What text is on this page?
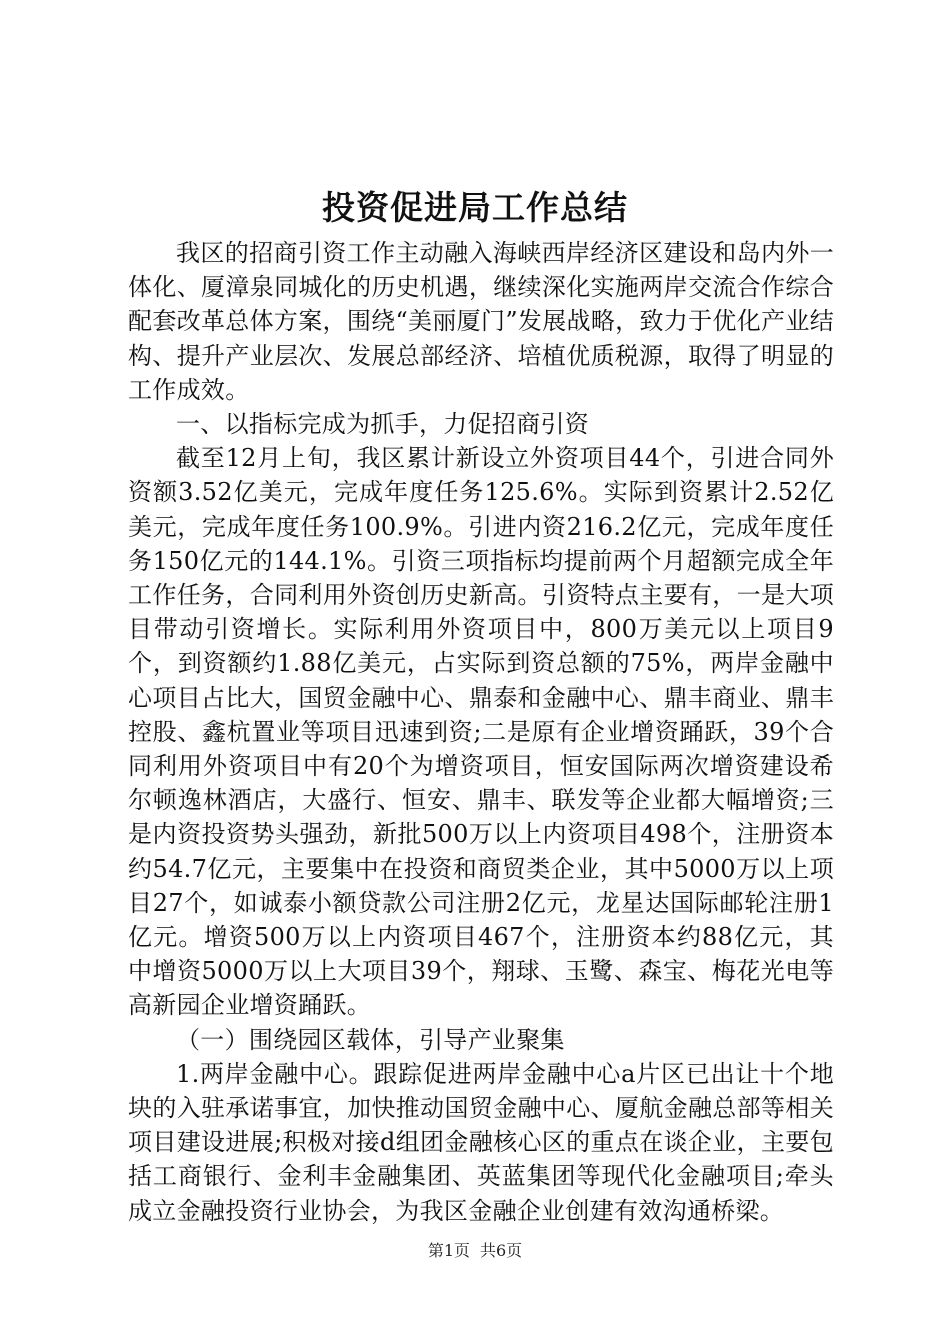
投资促进局工作总结

我区的招商引资工作主动融入海峡西岸经济区建设和岛内外一体化、厦漳泉同城化的历史机遇，继续深化实施两岸交流合作综合配套改革总体方案，围绕“美丽厦门”发展战略，致力于优化产业结构、提升产业层次、发展总部经济、培植优质税源，取得了明显的工作成效。

一、以指标完成为抓手，力促招商引资

截至12月上旬，我区累计新设立外资项目44个，引进合同外资额3.52亿美元，完成年度任务125.6%。实际到资累计2.52亿美元，完成年度任务100.9%。引进内资216.2亿元，完成年度任务150亿元的144.1%。引资三项指标均提前两个月超额完成全年工作任务，合同利用外资创历史新高。引资特点主要有，一是大项目带动引资增长。实际利用外资项目中，800万美元以上项目9个，到资额约1.88亿美元，占实际到资总额的75%，两岸金融中心项目占比大，国贸金融中心、鼎泰和金融中心、鼎丰商业、鼎丰控股、鑫杭置业等项目迅速到资;二是原有企业增资踊跃，39个合同利用外资项目中有20个为增资项目，恒安国际两次增资建设希尔顿逸林酒店，大盛行、恒安、鼎丰、联发等企业都大幅增资;三是内资投资势头强劲，新批500万以上内资项目498个，注册资本约54.7亿元，主要集中在投资和商贸类企业，其中5000万以上项目27个，如诚泰小额贷款公司注册2亿元，龙星达国际邮轮注册1亿元。增资500万以上内资项目467个，注册资本约88亿元，其中增资5000万以上大项目39个，翔球、玉鹭、森宝、梅花光电等高新园企业增资踊跃。

（一）围绕园区载体，引导产业聚集

1.两岸金融中心。跟踪促进两岸金融中心a片区已出让十个地块的入驻承诺事宜，加快推动国贸金融中心、厦航金融总部等相关项目建设进展;积极对接d组团金融核心区的重点在谈企业，主要包括工商银行、金利丰金融集团、英蓝集团等现代化金融项目;牵头成立金融投资行业协会，为我区金融企业创建有效沟通桥梁。

第1页 共6页
